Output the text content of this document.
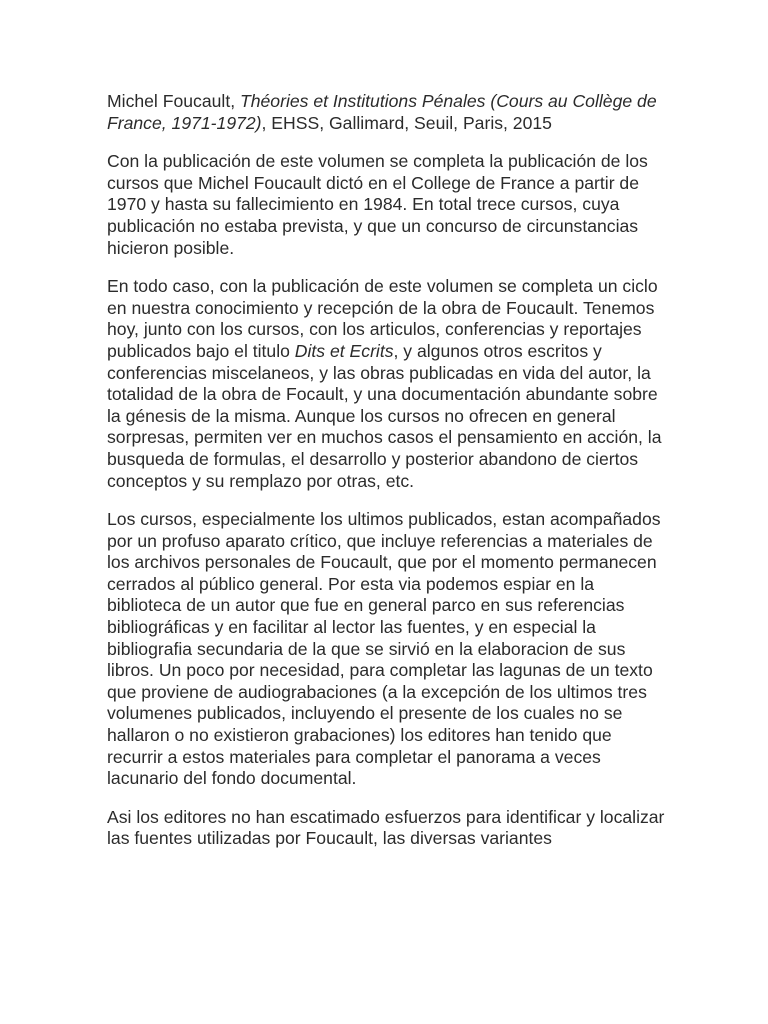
Michel Foucault, Théories et Institutions Pénales (Cours au Collège de France, 1971-1972), EHSS, Gallimard, Seuil, Paris, 2015

Con la publicación de este volumen se completa la publicación de los cursos que Michel Foucault dictó en el College de France a partir de 1970 y hasta su fallecimiento en 1984. En total trece cursos, cuya publicación no estaba prevista, y que un concurso de circunstancias hicieron posible.

En todo caso, con la publicación de este volumen se completa un ciclo en nuestra conocimiento y recepción de la obra de Foucault. Tenemos hoy, junto con los cursos, con los articulos, conferencias y reportajes publicados bajo el titulo Dits et Ecrits, y algunos otros escritos y conferencias miscelaneos, y las obras publicadas en vida del autor, la totalidad de la obra de Focault, y una documentación abundante sobre la génesis de la misma. Aunque los cursos no ofrecen en general sorpresas, permiten ver en muchos casos el pensamiento en acción, la busqueda de formulas, el desarrollo y posterior abandono de ciertos conceptos y su remplazo por otras, etc.

Los cursos, especialmente los ultimos publicados, estan acompañados por un profuso aparato crítico, que incluye referencias a materiales de los archivos personales de Foucault, que por el momento permanecen cerrados al público general. Por esta via podemos espiar en la biblioteca de un autor que fue en general parco en sus referencias bibliográficas y en facilitar al lector las fuentes, y en especial la bibliografia secundaria de la que se sirvió en la elaboracion de sus libros. Un poco por necesidad, para completar las lagunas de un texto que proviene de audiograbaciones (a la excepción de los ultimos tres volumenes publicados, incluyendo el presente de los cuales no se hallaron o no existieron grabaciones) los editores han tenido que recurrir a estos materiales para completar el panorama a veces lacunario del fondo documental.

Asi los editores no han escatimado esfuerzos para identificar y localizar las fuentes utilizadas por Foucault, las diversas variantes
